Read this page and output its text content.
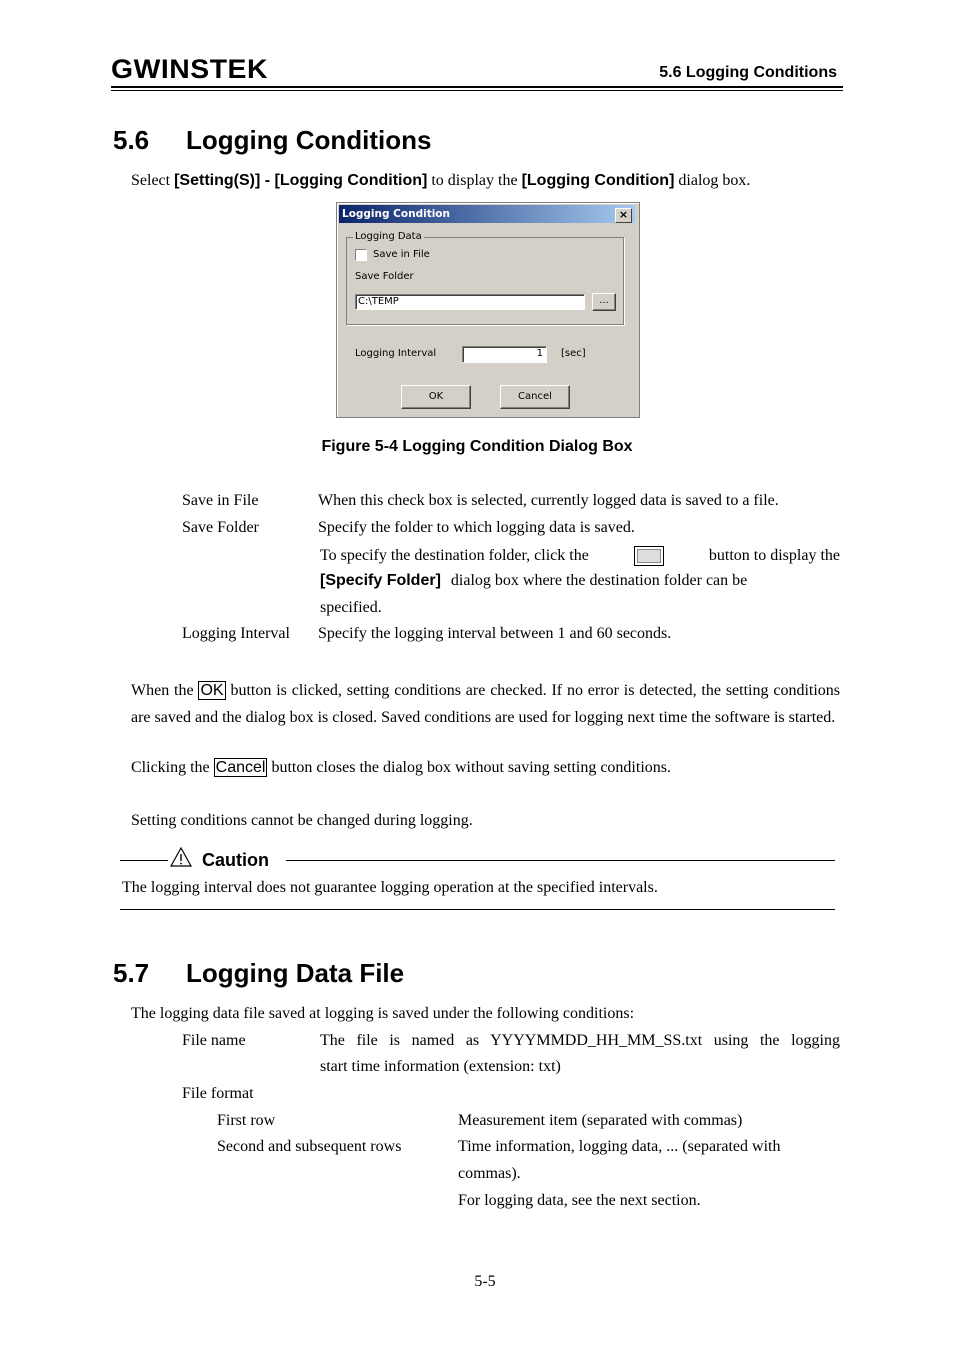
GWINSTEK	5.6 Logging Conditions
5.6 Logging Conditions
Select [Setting(S)] - [Logging Condition] to display the [Logging Condition] dialog box.
Logging Condition	×
Logging Data
Save in File
Save Folder
C:\TEMP	...
Logging Interval	1	[sec]
OK	Cancel
Figure 5-4 Logging Condition Dialog Box
Save in File	When this check box is selected, currently logged data is saved to a file.
Save Folder	Specify the folder to which logging data is saved.
To specify the destination folder, click the	button to display the
[Specify Folder] dialog box where the destination folder can be
specified.
Logging Interval Specify the logging interval between 1 and 60 seconds.
When the OK button is clicked, setting conditions are checked. If no error is detected, the setting conditions are saved and the dialog box is closed. Saved conditions are used for logging next time the software is started.
Clicking the Cancel button closes the dialog box without saving setting conditions.
Setting conditions cannot be changed during logging.
Caution
The logging interval does not guarantee logging operation at the specified intervals.
5.7 Logging Data File
The logging data file saved at logging is saved under the following conditions:
File name	The file is named as YYYYMMDD_HH_MM_SS.txt using the logging
start time information (extension: txt)
File format
First row	Measurement item (separated with commas)
Second and subsequent rows	Time information, logging data, ... (separated with
commas).
For logging data, see the next section.
5-5
